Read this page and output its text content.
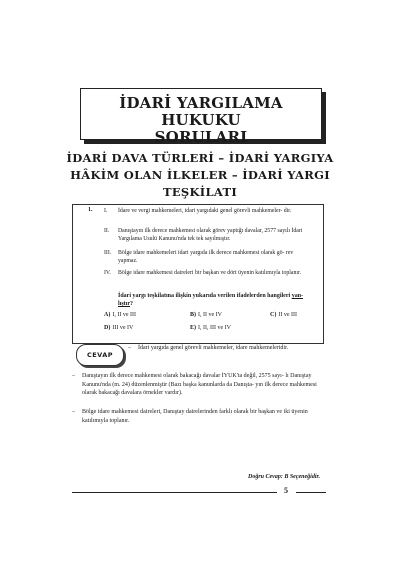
İDARİ YARGILAMA HUKUKU
SORULARI
İDARİ DAVA TÜRLERİ – İDARİ YARGIYA
HÂKİM OLAN İLKELER – İDARİ YARGI
TEŞKİLATI
1. I. İdare ve vergi mahkemeleri, idari yargıdaki genel görevli mahkemeler- dir.
II. Danıştayın ilk derece mahkemesi olarak görev yaptığı davalar, 2577 sayılı İdari Yargılama Usulü Kanunu'nda tek tek sayılmıştır.
III. Bölge idare mahkemeleri idari yargıda ilk derece mahkemesi olarak gö- rev yapmaz.
IV. Bölge idare mahkemesi daireleri bir başkan ve dört üyenin katılımıyla toplanır.
İdari yargı teşkilatına ilişkin yukarıda verilen ifadelerden hangileri yan- lıştır?
A) I, II ve III	B) I, II ve IV	C) II ve III
D) III ve IV	E) I, II, III ve IV
CEVAP
– İdari yargıda genel görevli mahkemeler, idare mahkemeleridir.
– Danıştayın ilk derece mahkemesi olarak bakacağı davalar İYUK'ta değil, 2575 sayı- lı Danıştay Kanunu'nda (m. 24) düzenlenmiştir (Bazı başka kanunlarda da Danışta- yın ilk derece mahkemesi olarak bakacağı davalara örnekler vardır).
– Bölge idare mahkemesi daireleri, Danıştay dairelerinden farklı olarak bir başkan ve iki üyenin katılımıyla toplanır.
Doğru Cevap: B Seçeneğidir.
5
